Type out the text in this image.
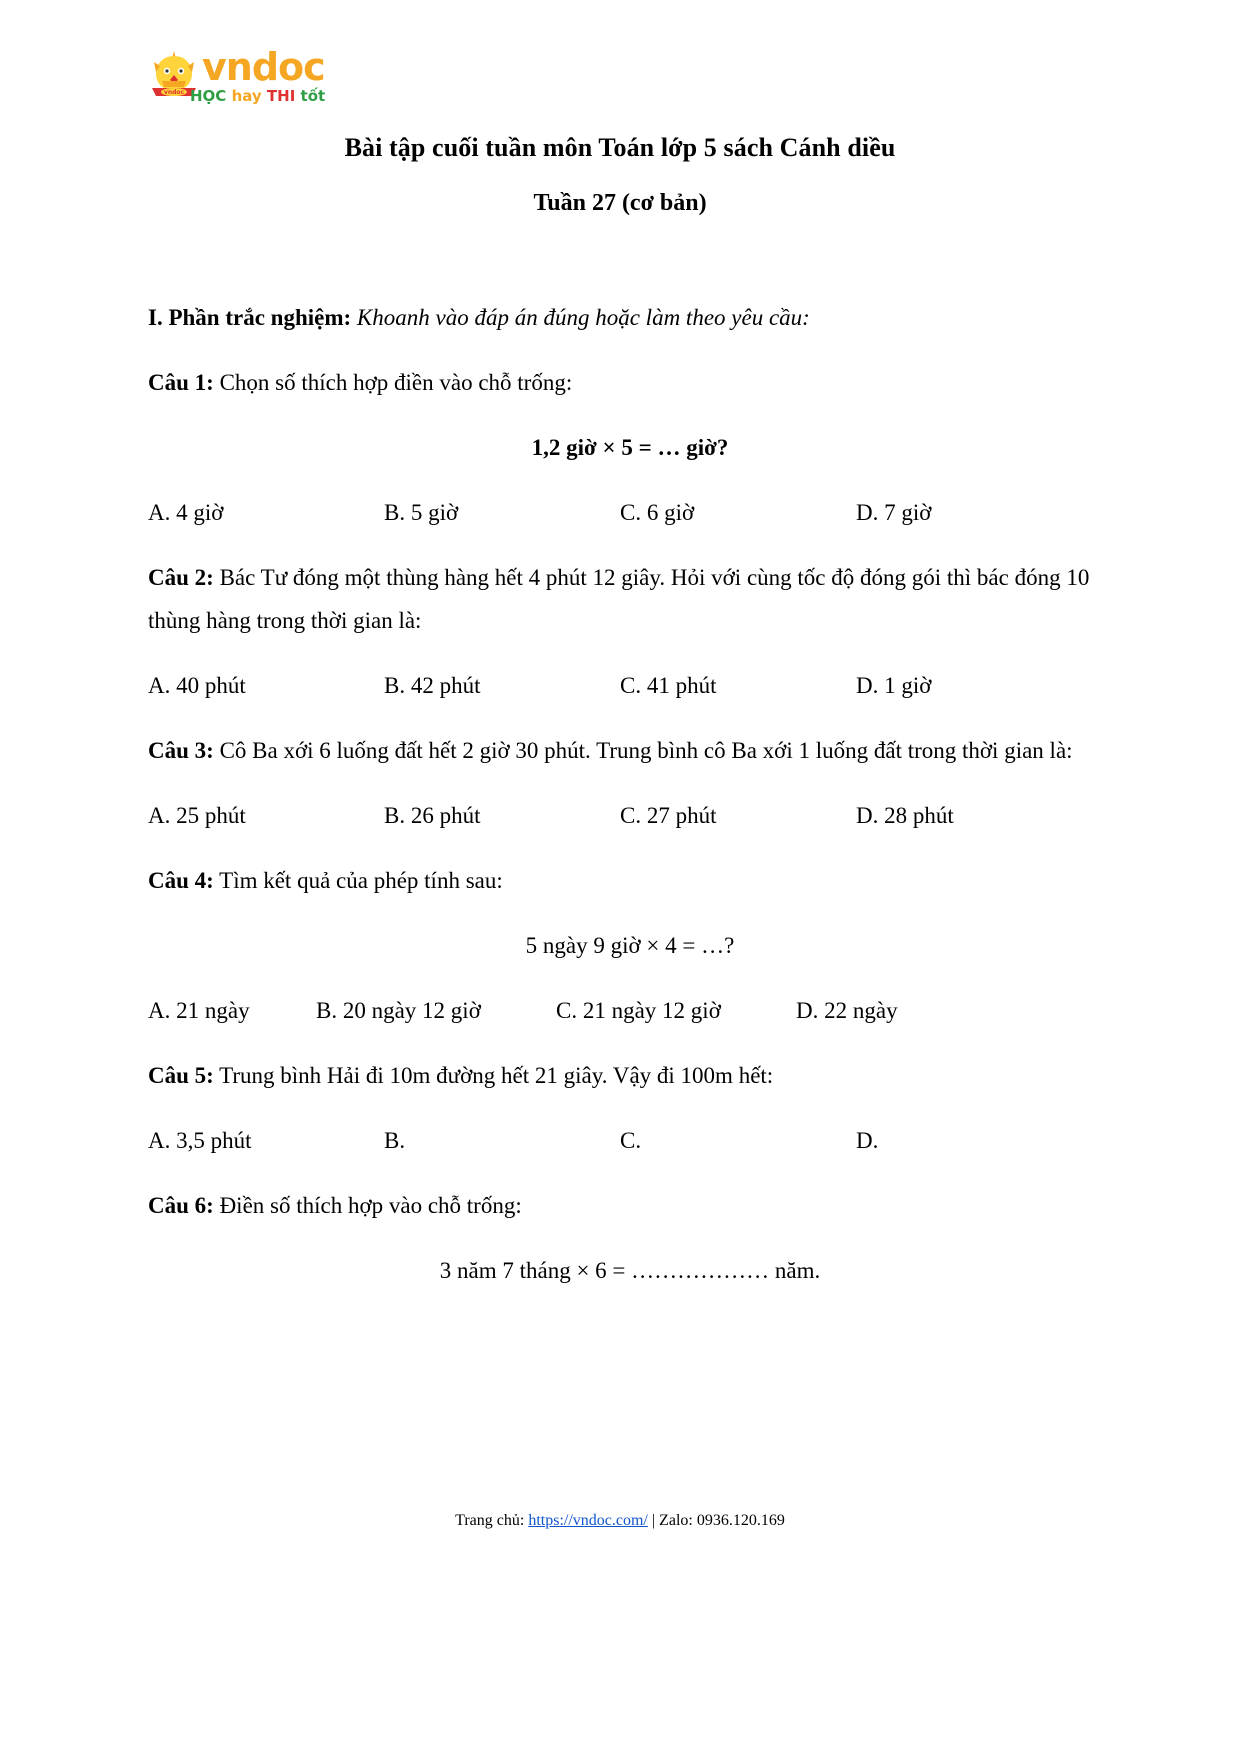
vndoc
vndoc
HỌC hay THI tốt
Bài tập cuối tuần môn Toán lớp 5 sách Cánh diều
Tuần 27 (cơ bản)

I. Phần trắc nghiệm: Khoanh vào đáp án đúng hoặc làm theo yêu cầu:

Câu 1: Chọn số thích hợp điền vào chỗ trống:

1,2 giờ × 5 = … giờ?

A. 4 giờ	B. 5 giờ	C. 6 giờ	D. 7 giờ

Câu 2: Bác Tư đóng một thùng hàng hết 4 phút 12 giây. Hỏi với cùng tốc độ đóng gói thì bác đóng 10 thùng hàng trong thời gian là:

A. 40 phút	B. 42 phút	C. 41 phút	D. 1 giờ

Câu 3: Cô Ba xới 6 luống đất hết 2 giờ 30 phút. Trung bình cô Ba xới 1 luống đất trong thời gian là:

A. 25 phút	B. 26 phút	C. 27 phút	D. 28 phút

Câu 4: Tìm kết quả của phép tính sau:

5 ngày 9 giờ × 4 = …?

A. 21 ngày	B. 20 ngày 12 giờ	C. 21 ngày 12 giờ	D. 22 ngày

Câu 5: Trung bình Hải đi 10m đường hết 21 giây. Vậy đi 100m hết:

A. 3,5 phút	B.	C.	D.

Câu 6: Điền số thích hợp vào chỗ trống:

3 năm 7 tháng × 6 = ……………… năm.

Trang chủ: https://vndoc.com/ | Zalo: 0936.120.169
